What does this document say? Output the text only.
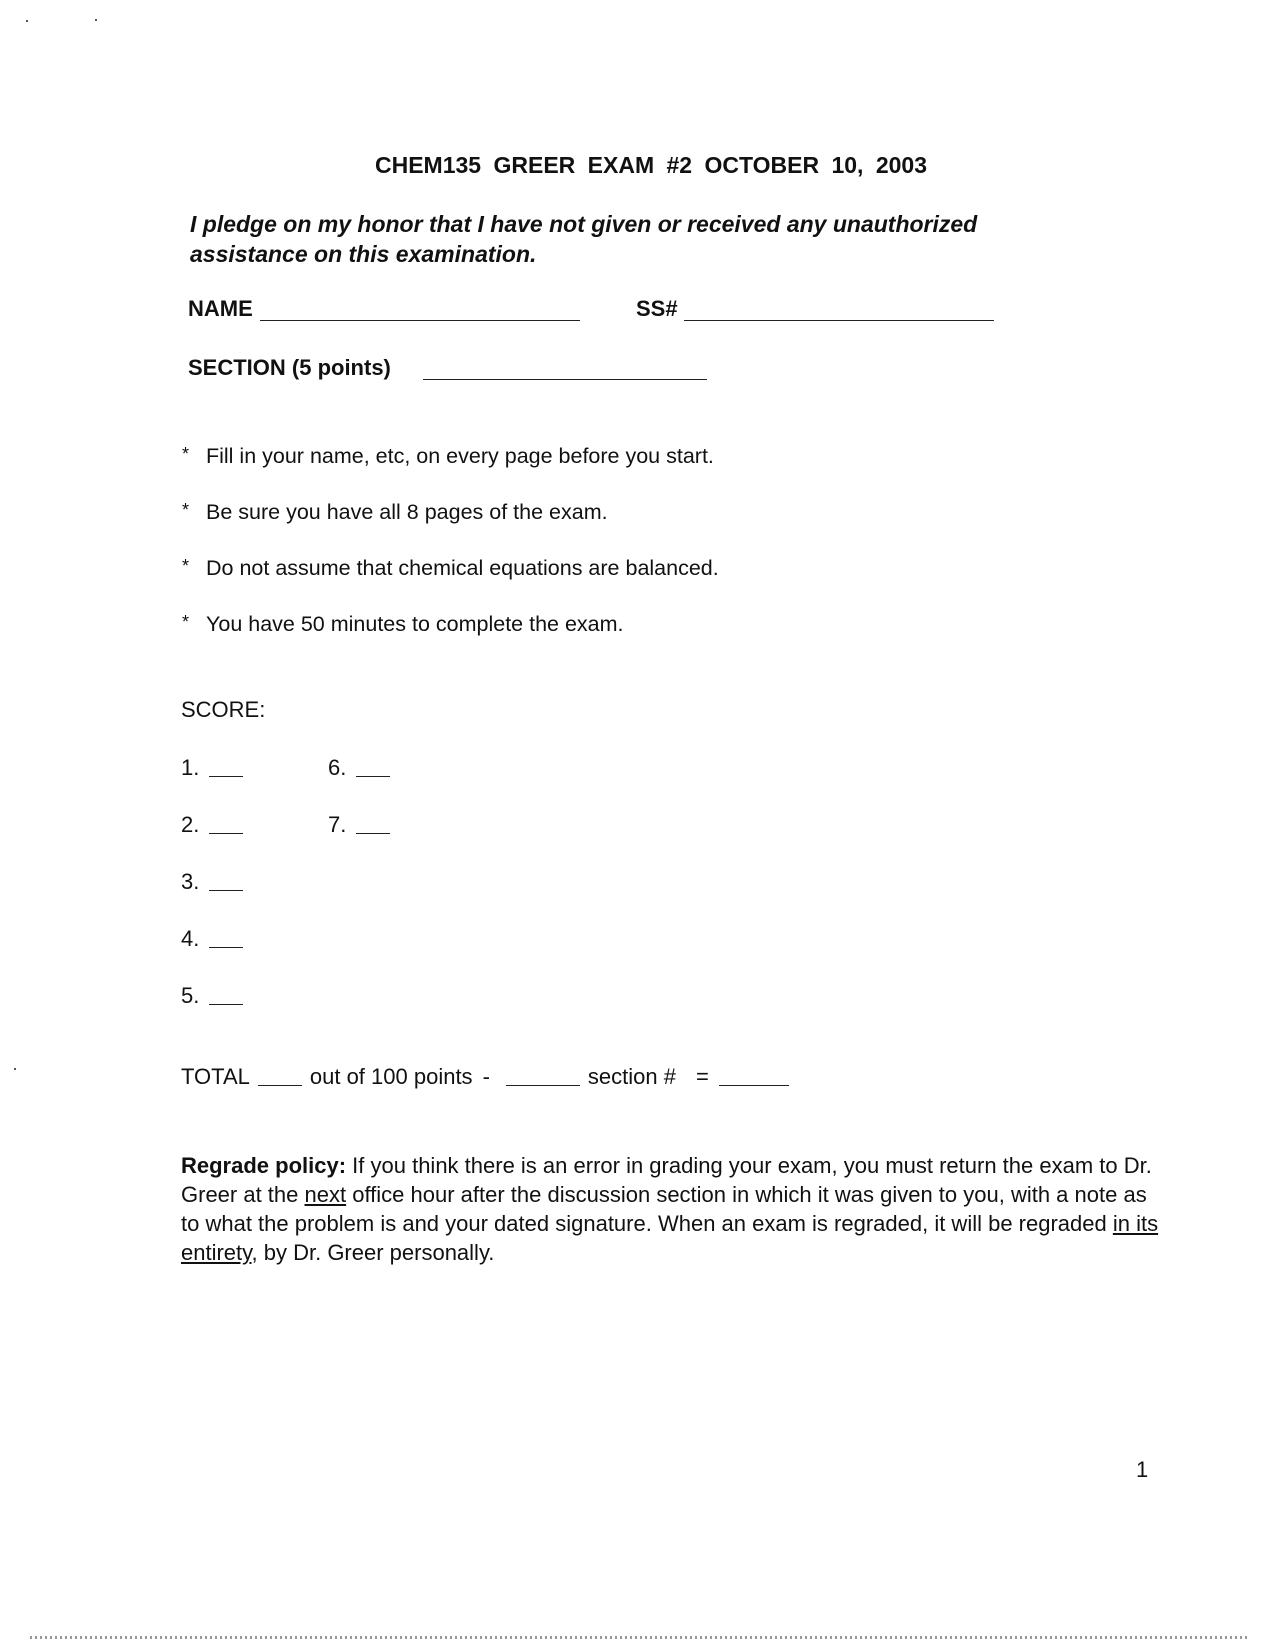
CHEM135 GREER EXAM #2 OCTOBER 10, 2003
I pledge on my honor that I have not given or received any unauthorized
assistance on this examination.
NAME	SS#
SECTION (5 points)
* Fill in your name, etc, on every page before you start.
* Be sure you have all 8 pages of the exam.
* Do not assume that chemical equations are balanced.
* You have 50 minutes to complete the exam.
SCORE:
1.
2.
3.
4.
5.
6.
7.
TOTAL	out of 100 points -	section # =
Regrade policy: If you think there is an error in grading your exam, you must return the exam to Dr. Greer at the next office hour after the discussion section in which it was given to you, with a note as to what the problem is and your dated signature. When an exam is regraded, it will be regraded in its entirety, by Dr. Greer personally.
1
